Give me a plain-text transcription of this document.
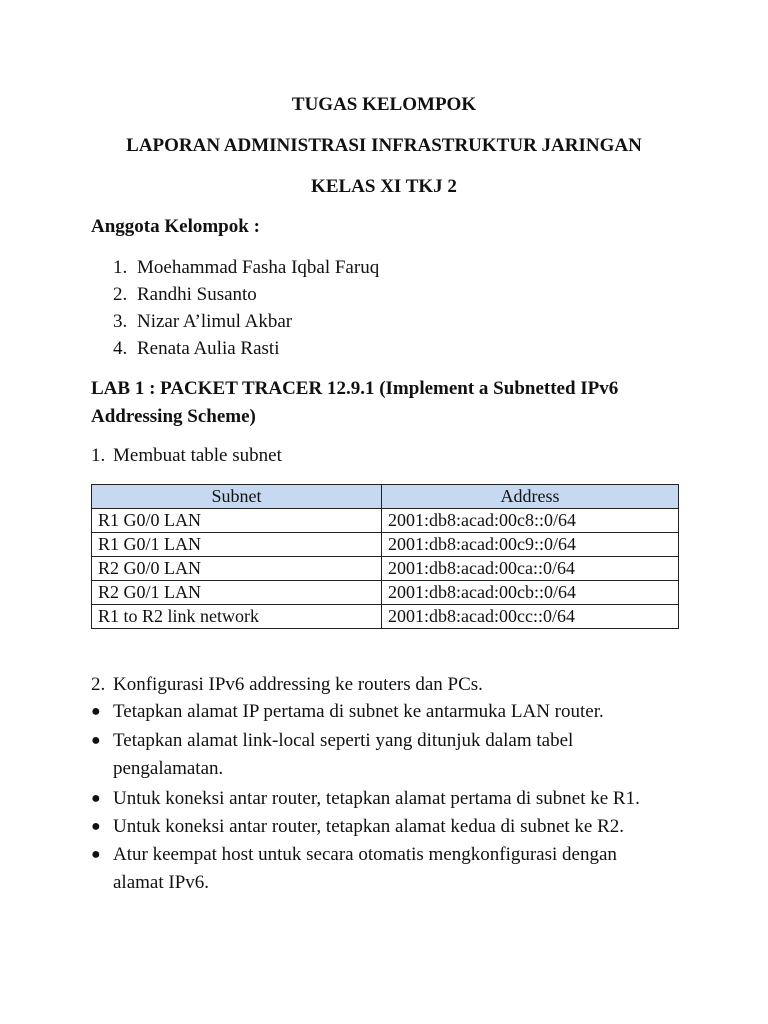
TUGAS KELOMPOK
LAPORAN ADMINISTRASI INFRASTRUKTUR JARINGAN
KELAS XI TKJ 2
Anggota Kelompok :
1. Moehammad Fasha Iqbal Faruq
2. Randhi Susanto
3. Nizar A’limul Akbar
4. Renata Aulia Rasti
LAB 1 : PACKET TRACER 12.9.1 (Implement a Subnetted IPv6
Addressing Scheme)
1. Membuat table subnet
Subnet	Address
R1 G0/0 LAN	2001:db8:acad:00c8::0/64
R1 G0/1 LAN	2001:db8:acad:00c9::0/64
R2 G0/0 LAN	2001:db8:acad:00ca::0/64
R2 G0/1 LAN	2001:db8:acad:00cb::0/64
R1 to R2 link network	2001:db8:acad:00cc::0/64
2. Konfigurasi IPv6 addressing ke routers dan PCs.
● Tetapkan alamat IP pertama di subnet ke antarmuka LAN router.
● Tetapkan alamat link-local seperti yang ditunjuk dalam tabel pengalamatan.
● Untuk koneksi antar router, tetapkan alamat pertama di subnet ke R1.
● Untuk koneksi antar router, tetapkan alamat kedua di subnet ke R2.
● Atur keempat host untuk secara otomatis mengkonfigurasi dengan alamat IPv6.
